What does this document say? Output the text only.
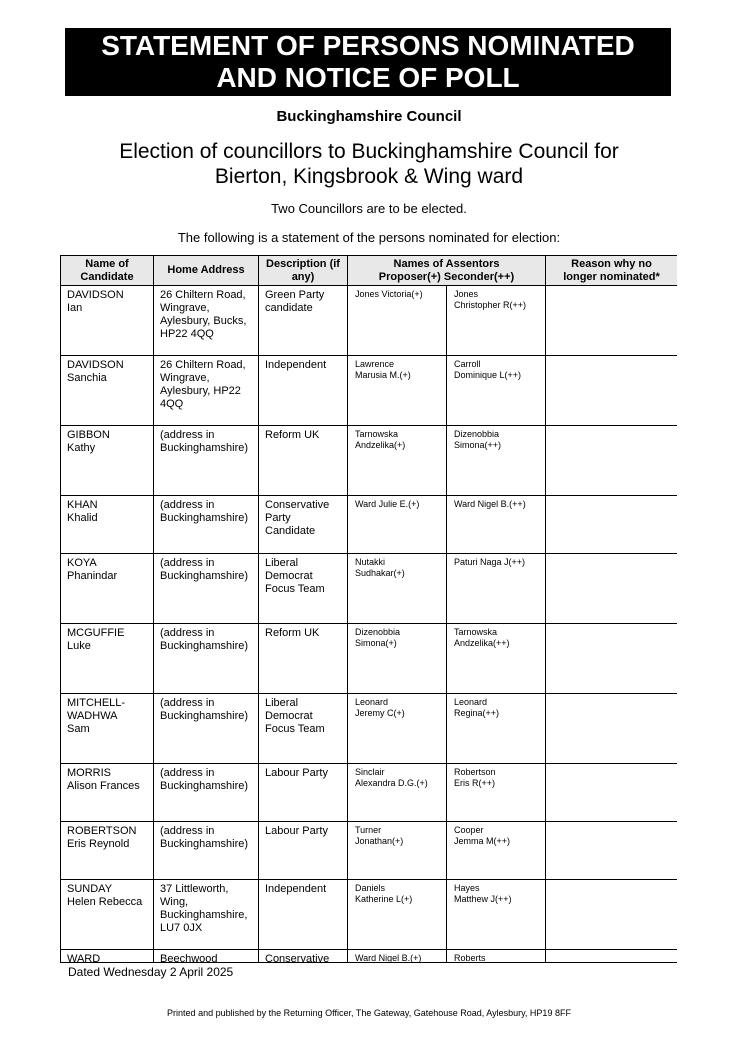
STATEMENT OF PERSONS NOMINATED
AND NOTICE OF POLL
Buckinghamshire Council
Election of councillors to Buckinghamshire Council for
Bierton, Kingsbrook & Wing ward
Two Councillors are to be elected.
The following is a statement of the persons nominated for election:
Name of
Candidate	Home Address	Description (if
any)	Names of Assentors
Proposer(+) Seconder(++)		Reason why no
longer nominated*

DAVIDSON
Ian	26 Chiltern Road,
Wingrave,
Aylesbury, Bucks,
HP22 4QQ	Green Party
candidate	Jones Victoria(+)	Jones
Christopher R(++)	

DAVIDSON
Sanchia	26 Chiltern Road,
Wingrave,
Aylesbury, HP22
4QQ	Independent	Lawrence
Marusia M.(+)	Carroll
Dominique L(++)	

GIBBON
Kathy	(address in
Buckinghamshire)	Reform UK	Tarnowska
Andzelika(+)	Dizenobbia
Simona(++)	

KHAN
Khalid	(address in
Buckinghamshire)	Conservative
Party
Candidate	Ward Julie E.(+)	Ward Nigel B.(++)	

KOYA
Phanindar	(address in
Buckinghamshire)	Liberal
Democrat
Focus Team	Nutakki
Sudhakar(+)	Paturi Naga J(++)	

MCGUFFIE
Luke	(address in
Buckinghamshire)	Reform UK	Dizenobbia
Simona(+)	Tarnowska
Andzelika(++)	

MITCHELL-
WADHWA
Sam	(address in
Buckinghamshire)	Liberal
Democrat
Focus Team	Leonard
Jeremy C(+)	Leonard
Regina(++)	

MORRIS
Alison Frances	(address in
Buckinghamshire)	Labour Party	Sinclair
Alexandra D.G.(+)	Robertson
Eris R(++)	

ROBERTSON
Eris Reynold	(address in
Buckinghamshire)	Labour Party	Turner
Jonathan(+)	Cooper
Jemma M(++)	

SUNDAY
Helen Rebecca	37 Littleworth,
Wing,
Buckinghamshire,
LU7 0JX	Independent	Daniels
Katherine L(+)	Hayes
Matthew J(++)	

WARD	Beechwood	Conservative	Ward Nigel B.(+)	Roberts	

Dated Wednesday 2 April 2025
Printed and published by the Returning Officer, The Gateway, Gatehouse Road, Aylesbury, HP19 8FF
